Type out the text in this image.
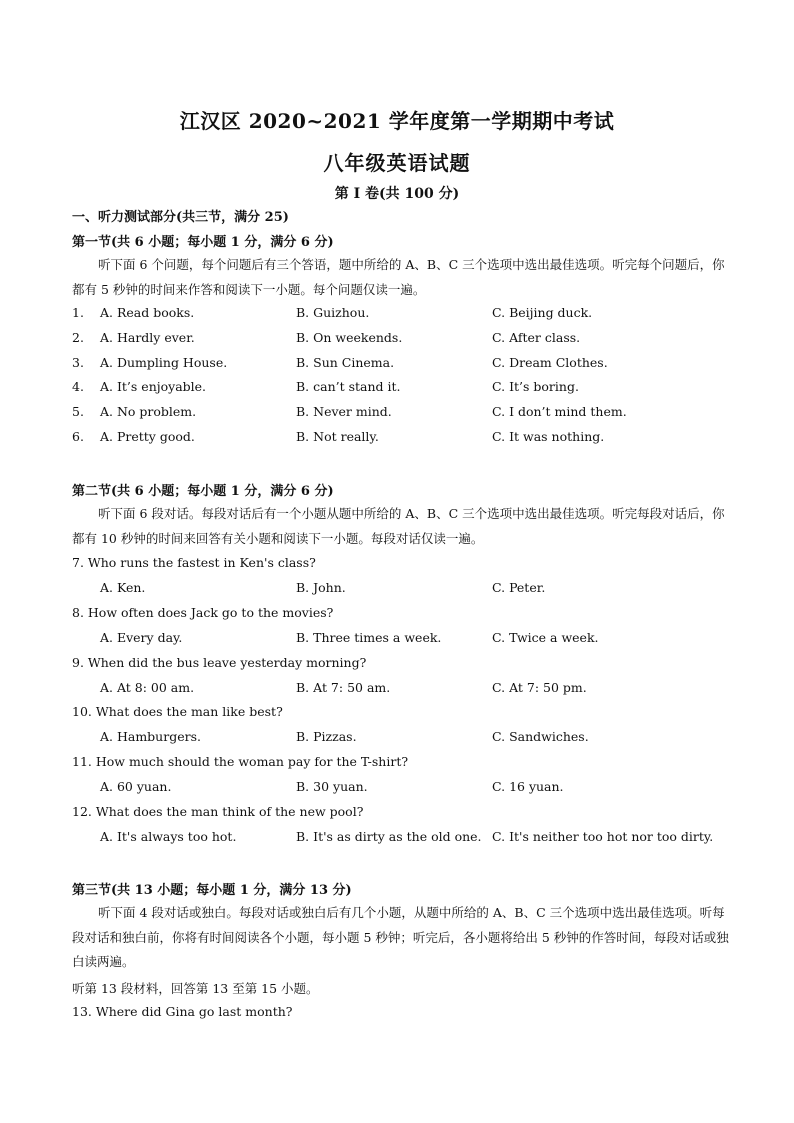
江汉区 2020~2021 学年度第一学期期中考试
八年级英语试题
第 I 卷(共 100 分)
一、听力测试部分(共三节，满分 25)
第一节(共 6 小题；每小题 1 分，满分 6 分)
听下面 6 个问题，每个问题后有三个答语，题中所给的 A、B、C 三个选项中选出最佳选项。听完每个问题后，你都有 5 秒钟的时间来作答和阅读下一小题。每个问题仅读一遍。
1. A. Read books.	B. Guizhou.	C. Beijing duck.
2. A. Hardly ever.	B. On weekends.	C. After class.
3. A. Dumpling House.	B. Sun Cinema.	C. Dream Clothes.
4. A. It’s enjoyable.	B. can’t stand it.	C. It’s boring.
5. A. No problem.	B. Never mind.	C. I don’t mind them.
6. A. Pretty good.	B. Not really.	C. It was nothing.
第二节(共 6 小题；每小题 1 分，满分 6 分)
听下面 6 段对话。每段对话后有一个小题从题中所给的 A、B、C 三个选项中选出最佳选项。听完每段对话后，你都有 10 秒钟的时间来回答有关小题和阅读下一小题。每段对话仅读一遍。
7. Who runs the fastest in Ken's class?
A. Ken.	B. John.	C. Peter.
8. How often does Jack go to the movies?
A. Every day.	B. Three times a week.	C. Twice a week.
9. When did the bus leave yesterday morning?
A. At 8: 00 am.	B. At 7: 50 am.	C. At 7: 50 pm.
10. What does the man like best?
A. Hamburgers.	B. Pizzas.	C. Sandwiches.
11. How much should the woman pay for the T-shirt?
A. 60 yuan.	B. 30 yuan.	C. 16 yuan.
12. What does the man think of the new pool?
A. It's always too hot.	B. It's as dirty as the old one. C. It's neither too hot nor too dirty.
第三节(共 13 小题；每小题 1 分，满分 13 分)
听下面 4 段对话或独白。每段对话或独白后有几个小题，从题中所给的 A、B、C 三个选项中选出最佳选项。听每段对话和独白前，你将有时间阅读各个小题，每小题 5 秒钟；听完后，各小题将给出 5 秒钟的作答时间，每段对话或独白读两遍。
听第 13 段材料，回答第 13 至第 15 小题。
13. Where did Gina go last month?
